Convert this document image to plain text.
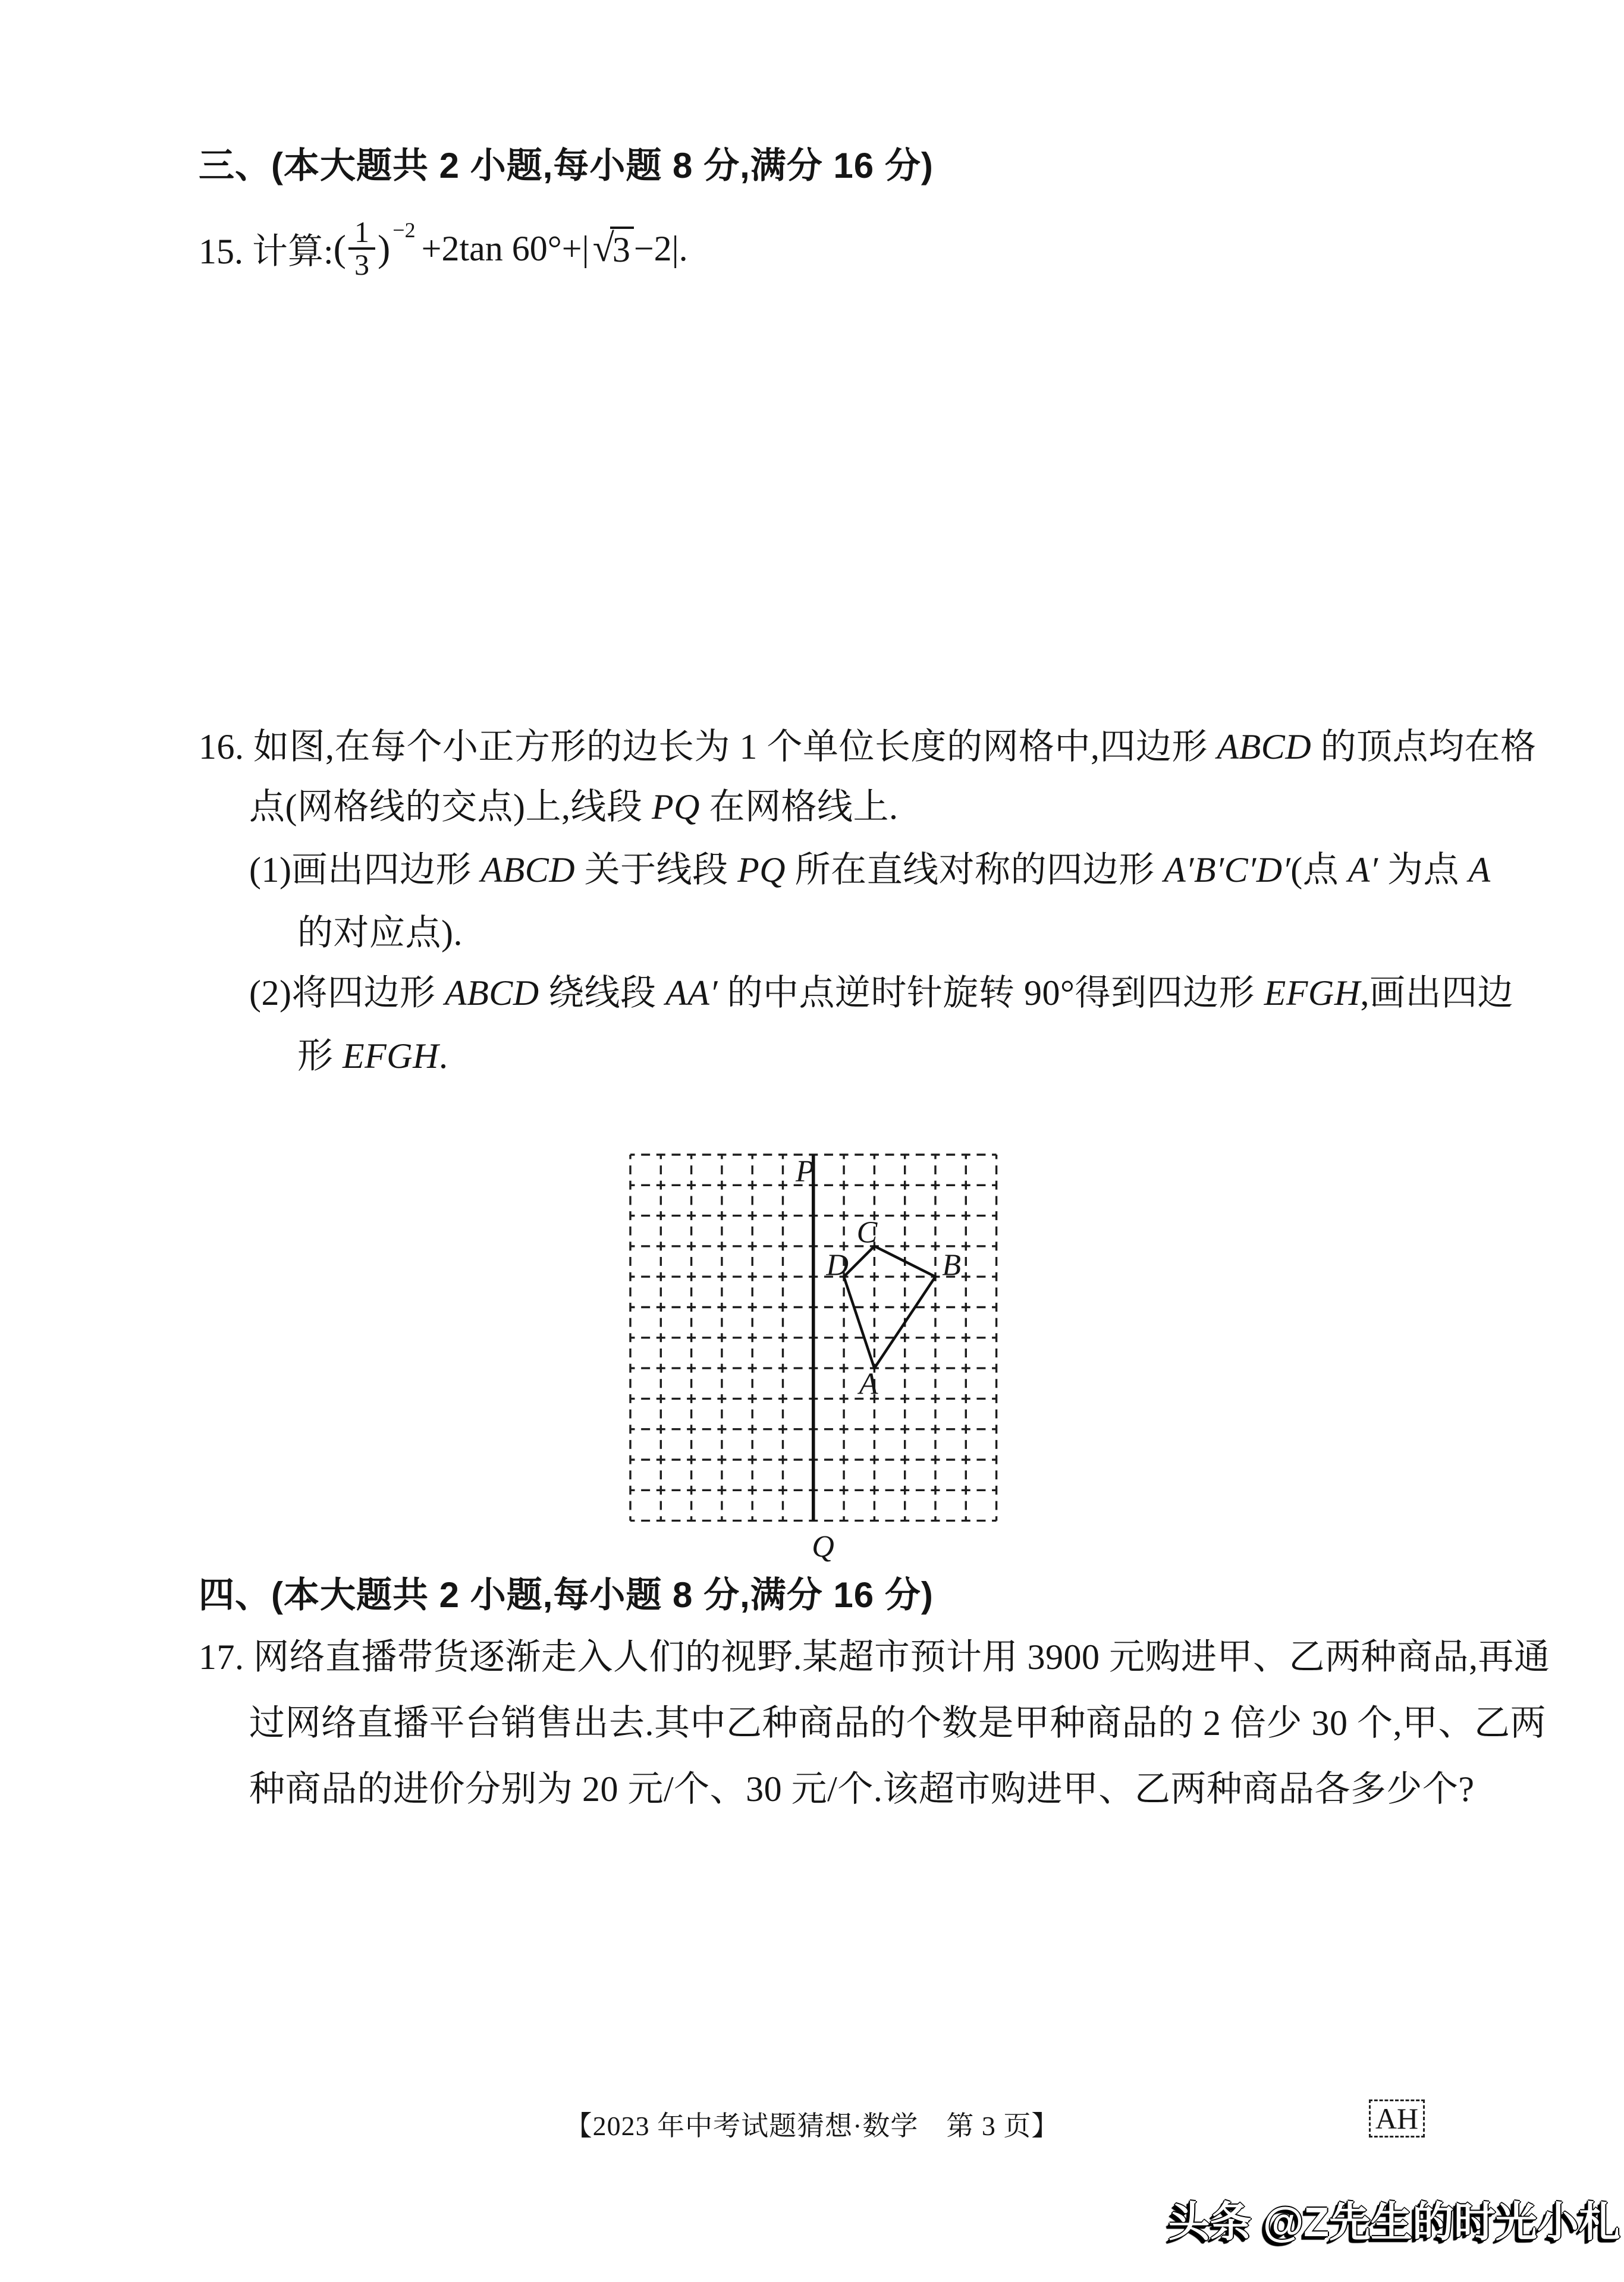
三、(本大题共 2 小题,每小题 8 分,满分 16 分)
15. 计算: ( $\frac{1}{3}$ ) −2 +2tan 60°+| √
3 −2|.
16. 如图,在每个小正方形的边长为 1 个单位长度的网格中,四边形 ABCD 的顶点均在格
点(网格线的交点)上,线段 PQ 在网格线上.
(1)画出四边形 ABCD 关于线段 PQ 所在直线对称的四边形 A′B′C′D′(点 A′ 为点 A
的对应点).
(2)将四边形 ABCD 绕线段 AA′ 的中点逆时针旋转 90°得到四边形 EFGH,画出四边
形 EFGH.
P
Q
A
B
C
D
四、(本大题共 2 小题,每小题 8 分,满分 16 分)
17. 网络直播带货逐渐走入人们的视野.某超市预计用 3900 元购进甲、乙两种商品,再通
过网络直播平台销售出去.其中乙种商品的个数是甲种商品的 2 倍少 30 个,甲、乙两
种商品的进价分别为 20 元/个、30 元/个.该超市购进甲、乙两种商品各多少个?
【2023 年中考试题猜想·数学　第 3 页】	AH
头条 @Z先生的时光小札
